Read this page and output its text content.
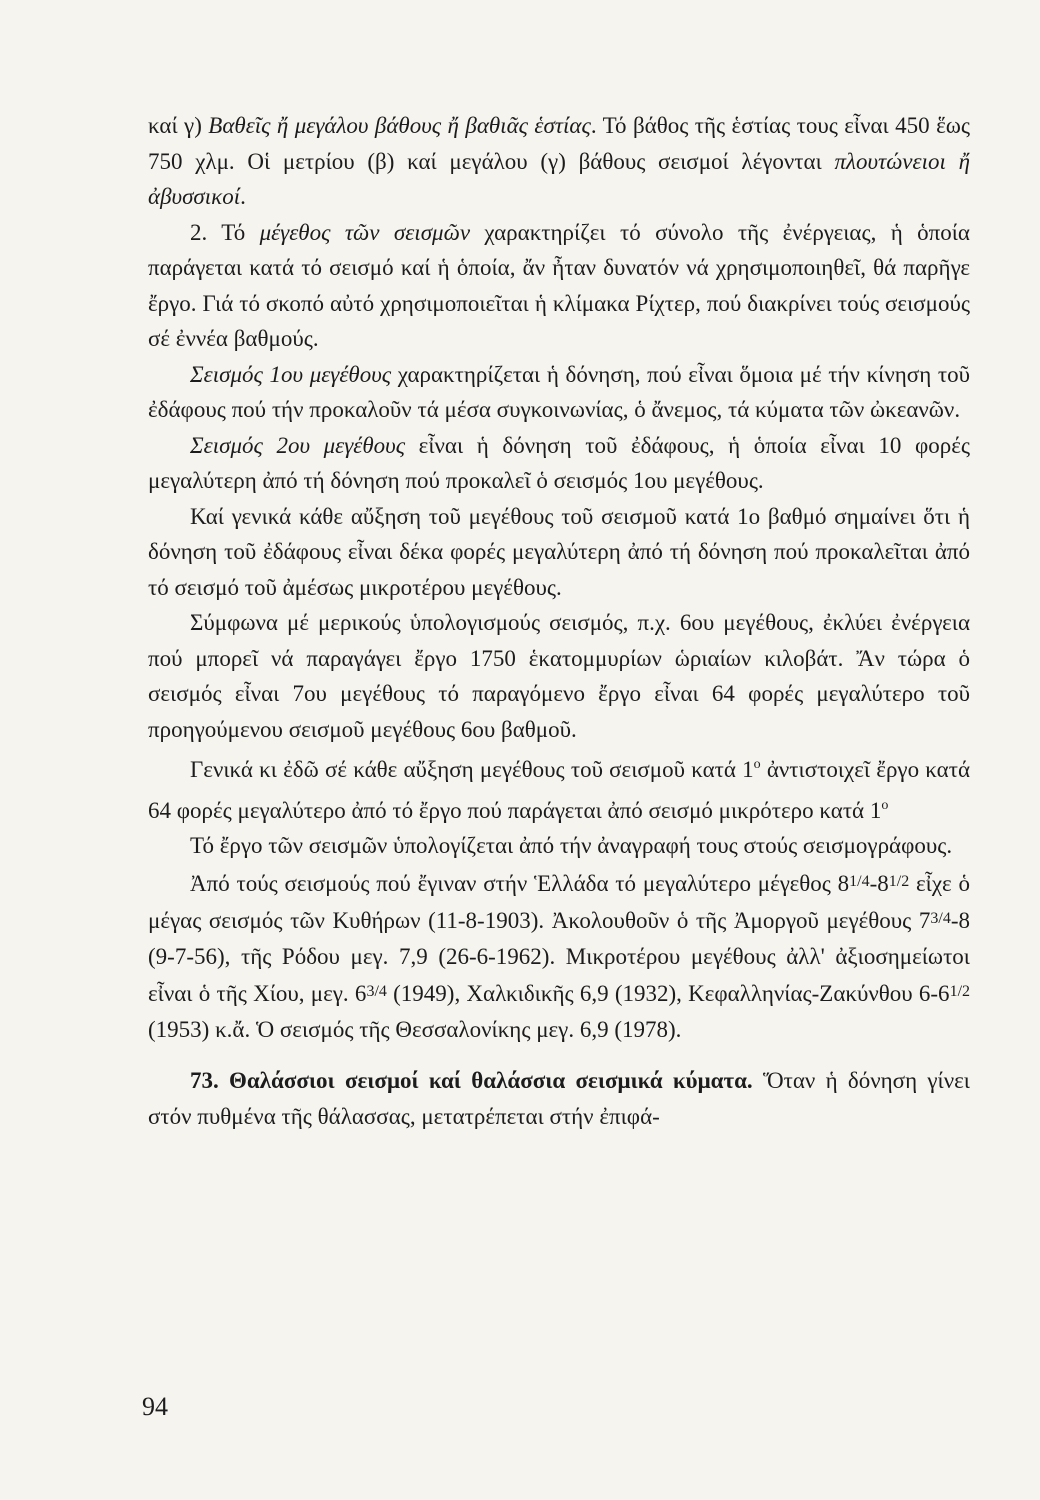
καί γ) Βαθεῖς ἤ μεγάλου βάθους ἤ βαθιᾶς ἑστίας. Τό βάθος τῆς ἑστίας τους εἶναι 450 ἕως 750 χλμ. Οἱ μετρίου (β) καί μεγάλου (γ) βάθους σεισμοί λέγονται πλουτώνειοι ἤ ἀβυσσικοί.

2. Τό μέγεθος τῶν σεισμῶν χαρακτηρίζει τό σύνολο τῆς ἐνέργειας, ἡ ὁποία παράγεται κατά τό σεισμό καί ἡ ὁποία, ἄν ἦταν δυνατόν νά χρησιμοποιηθεῖ, θά παρῆγε ἔργο. Γιά τό σκοπό αὐτό χρησιμοποιεῖται ἡ κλίμακα Ρίχτερ, πού διακρίνει τούς σεισμούς σέ ἐννέα βαθμούς.

Σεισμός 1ου μεγέθους χαρακτηρίζεται ἡ δόνηση, πού εἶναι ὅμοια μέ τήν κίνηση τοῦ ἐδάφους πού τήν προκαλοῦν τά μέσα συγκοινωνίας, ὁ ἄνεμος, τά κύματα τῶν ὠκεανῶν.

Σεισμός 2ου μεγέθους εἶναι ἡ δόνηση τοῦ ἐδάφους, ἡ ὁποία εἶναι 10 φορές μεγαλύτερη ἀπό τή δόνηση πού προκαλεῖ ὁ σεισμός 1ου μεγέθους.

Καί γενικά κάθε αὔξηση τοῦ μεγέθους τοῦ σεισμοῦ κατά 1ο βαθμό σημαίνει ὅτι ἡ δόνηση τοῦ ἐδάφους εἶναι δέκα φορές μεγαλύτερη ἀπό τή δόνηση πού προκαλεῖται ἀπό τό σεισμό τοῦ ἀμέσως μικροτέρου μεγέθους.

Σύμφωνα μέ μερικούς ὑπολογισμούς σεισμός, π.χ. 6ου μεγέθους, ἐκλύει ἐνέργεια πού μπορεῖ νά παραγάγει ἔργο 1750 ἑκατομμυρίων ὡριαίων κιλοβάτ. Ἄν τώρα ὁ σεισμός εἶναι 7ου μεγέθους τό παραγόμενο ἔργο εἶναι 64 φορές μεγαλύτερο τοῦ προηγούμενου σεισμοῦ μεγέθους 6ου βαθμοῦ.

Γενικά κι ἐδῶ σέ κάθε αὔξηση μεγέθους τοῦ σεισμοῦ κατά $1^o$ ἀντιστοιχεῖ ἔργο κατά 64 φορές μεγαλύτερο ἀπό τό ἔργο πού παράγεται ἀπό σεισμό μικρότερο κατά $1^o$

Τό ἔργο τῶν σεισμῶν ὑπολογίζεται ἀπό τήν ἀναγραφή τους στούς σεισμογράφους.

Ἀπό τούς σεισμούς πού ἔγιναν στήν Ἑλλάδα τό μεγαλύτερο μέγεθος $8^{1/4}-8^{1/2}$ εἶχε ὁ μέγας σεισμός τῶν Κυθήρων (11-8-1903). Ἀκολουθοῦν ὁ τῆς Ἀμοργοῦ μεγέθους $7^{3/4}-8$ (9-7-56), τῆς Ρόδου μεγ. 7,9 (26-6-1962). Μικροτέρου μεγέθους ἀλλ' ἀξιοσημείωτοι εἶναι ὁ τῆς Χίου, μεγ. $6^{3/4}$ (1949), Χαλκιδικῆς 6,9 (1932), Κεφαλληνίας-Ζακύνθου $6-6^{1/2}$ (1953) κ.ἄ. Ὁ σεισμός τῆς Θεσσαλονίκης μεγ. 6,9 (1978).

73. Θαλάσσιοι σεισμοί καί θαλάσσια σεισμικά κύματα. Ὅταν ἡ δόνηση γίνει στόν πυθμένα τῆς θάλασσας, μετατρέπεται στήν ἐπιφά-

94
